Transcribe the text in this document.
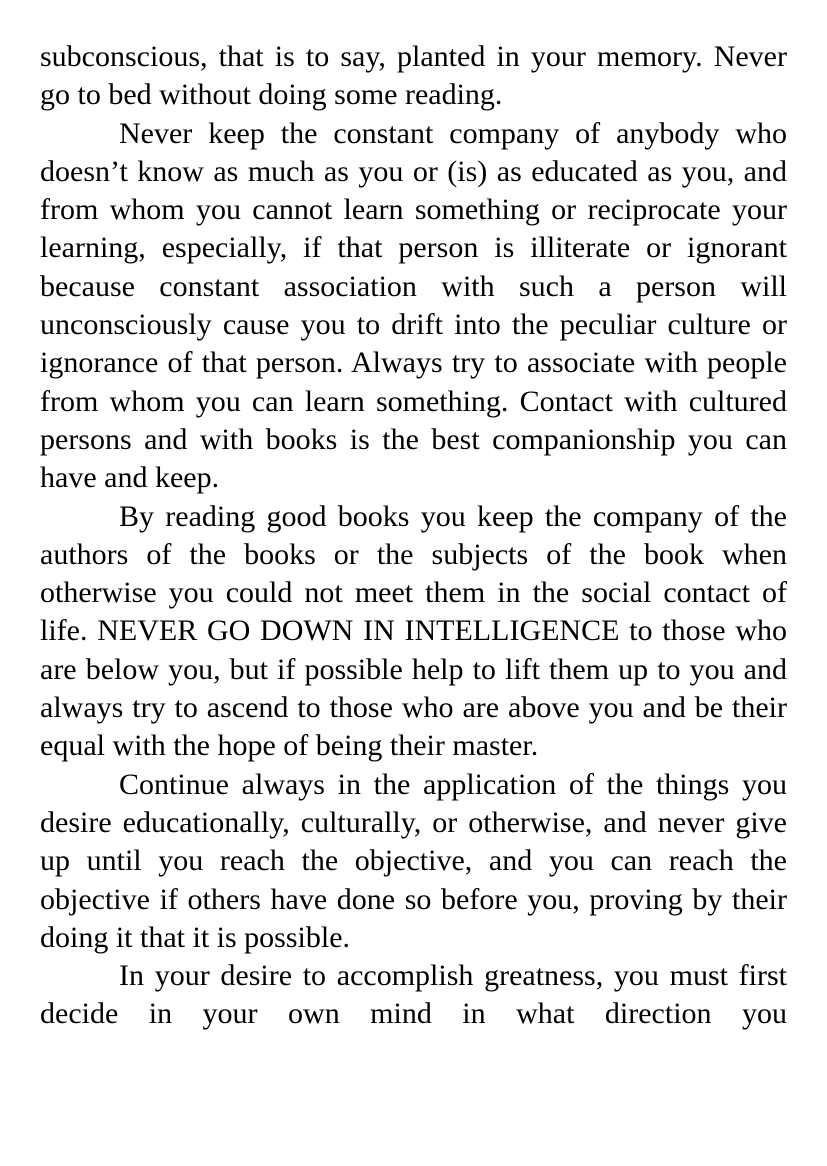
subconscious, that is to say, planted in your memory. Never go to bed without doing some reading.

Never keep the constant company of anybody who doesn’t know as much as you or (is) as educated as you, and from whom you cannot learn something or reciprocate your learning, especially, if that person is illiterate or ignorant because constant association with such a person will unconsciously cause you to drift into the peculiar culture or ignorance of that person. Always try to associate with people from whom you can learn something. Contact with cultured persons and with books is the best companionship you can have and keep.

By reading good books you keep the company of the authors of the books or the subjects of the book when otherwise you could not meet them in the social contact of life. NEVER GO DOWN IN INTELLIGENCE to those who are below you, but if possible help to lift them up to you and always try to ascend to those who are above you and be their equal with the hope of being their master.

Continue always in the application of the things you desire educationally, culturally, or otherwise, and never give up until you reach the objective, and you can reach the objective if others have done so before you, proving by their doing it that it is possible.

In your desire to accomplish greatness, you must first decide in your own mind in what direction you
